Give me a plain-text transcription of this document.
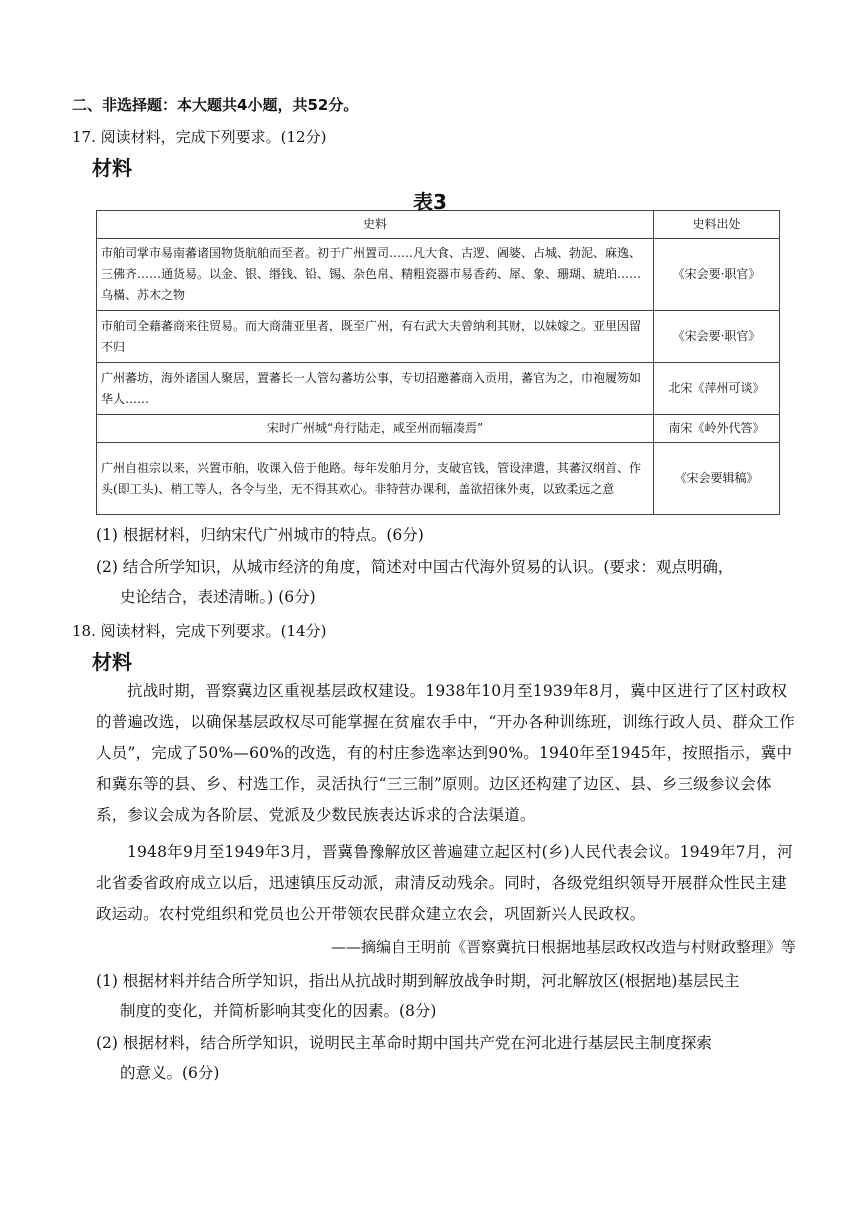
二、非选择题：本大题共4小题，共52分。
17. 阅读材料，完成下列要求。(12分)
材料
表3
史料	史料出处
市舶司掌市易南蕃诸国物货航舶而至者。初于广州置司……凡大食、古逻、阇婆、占城、勃泥、麻逸、三佛齐……通货易。以金、银、缗钱、铅、锡、杂色帛、精粗瓷器市易香药、犀、象、珊瑚、琥珀……乌樠、苏木之物	《宋会要·职官》
市舶司全藉蕃商来往贸易。而大商蒲亚里者，既至广州，有右武大夫曾纳利其财，以妹嫁之。亚里因留不归	《宋会要·职官》
广州蕃坊，海外诸国人聚居，置蕃长一人管勾蕃坊公事，专切招邀蕃商入贡用，蕃官为之，巾袍履笏如华人……	北宋《萍州可谈》
宋时广州城“舟行陆走，咸至州而辐凑焉”	南宋《岭外代答》
广州自祖宗以来，兴置市舶，收课入倍于他路。每年发舶月分，支破官钱，管设津遣，其蕃汉纲首、作头(即工头)、梢工等人，各令与坐，无不得其欢心。非特营办课利，盖欲招徕外夷，以致柔远之意	《宋会要辑稿》
(1) 根据材料，归纳宋代广州城市的特点。(6分)
(2) 结合所学知识，从城市经济的角度，简述对中国古代海外贸易的认识。(要求：观点明确，
史论结合，表述清晰。) (6分)
18. 阅读材料，完成下列要求。(14分)
材料
抗战时期，晋察冀边区重视基层政权建设。1938年10月至1939年8月，冀中区进行了区村政权的普遍改选，以确保基层政权尽可能掌握在贫雇农手中，“开办各种训练班，训练行政人员、群众工作人员”，完成了50%—60%的改选，有的村庄参选率达到90%。1940年至1945年，按照指示，冀中和冀东等的县、乡、村选工作，灵活执行“三三制”原则。边区还构建了边区、县、乡三级参议会体系，参议会成为各阶层、党派及少数民族表达诉求的合法渠道。
1948年9月至1949年3月，晋冀鲁豫解放区普遍建立起区村(乡)人民代表会议。1949年7月，河北省委省政府成立以后，迅速镇压反动派，肃清反动残余。同时，各级党组织领导开展群众性民主建政运动。农村党组织和党员也公开带领农民群众建立农会，巩固新兴人民政权。
——摘编自王明前《晋察冀抗日根据地基层政权改造与村财政整理》等
(1) 根据材料并结合所学知识，指出从抗战时期到解放战争时期，河北解放区(根据地)基层民主
制度的变化，并简析影响其变化的因素。(8分)
(2) 根据材料，结合所学知识，说明民主革命时期中国共产党在河北进行基层民主制度探索
的意义。(6分)
